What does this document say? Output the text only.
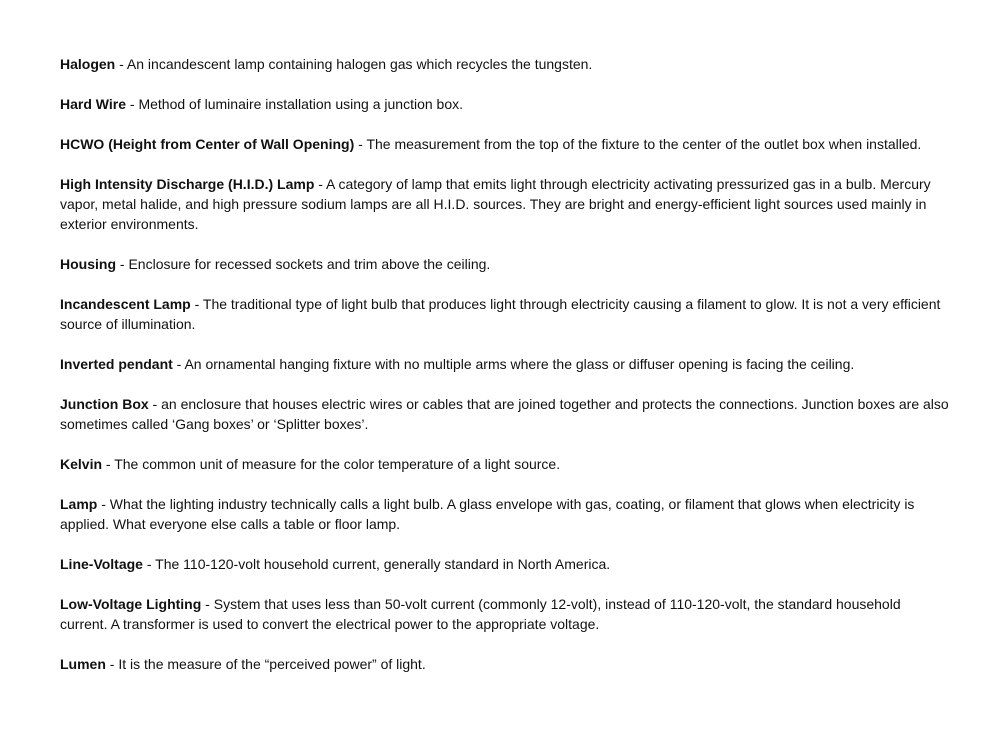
Halogen - An incandescent lamp containing halogen gas which recycles the tungsten.

Hard Wire - Method of luminaire installation using a junction box.

HCWO (Height from Center of Wall Opening) - The measurement from the top of the fixture to the center of the outlet box when installed.

High Intensity Discharge (H.I.D.) Lamp - A category of lamp that emits light through electricity activating pressurized gas in a bulb. Mercury vapor, metal halide, and high pressure sodium lamps are all H.I.D. sources. They are bright and energy-efficient light sources used mainly in exterior environments.

Housing - Enclosure for recessed sockets and trim above the ceiling.

Incandescent Lamp - The traditional type of light bulb that produces light through electricity causing a filament to glow. It is not a very efficient source of illumination.

Inverted pendant - An ornamental hanging fixture with no multiple arms where the glass or diffuser opening is facing the ceiling.

Junction Box - an enclosure that houses electric wires or cables that are joined together and protects the connections. Junction boxes are also sometimes called ‘Gang boxes’ or ‘Splitter boxes’.

Kelvin - The common unit of measure for the color temperature of a light source.

Lamp - What the lighting industry technically calls a light bulb. A glass envelope with gas, coating, or filament that glows when electricity is applied. What everyone else calls a table or floor lamp.

Line-Voltage - The 110-120-volt household current, generally standard in North America.

Low-Voltage Lighting - System that uses less than 50-volt current (commonly 12-volt), instead of 110-120-volt, the standard household current. A transformer is used to convert the electrical power to the appropriate voltage.

Lumen - It is the measure of the “perceived power” of light.
